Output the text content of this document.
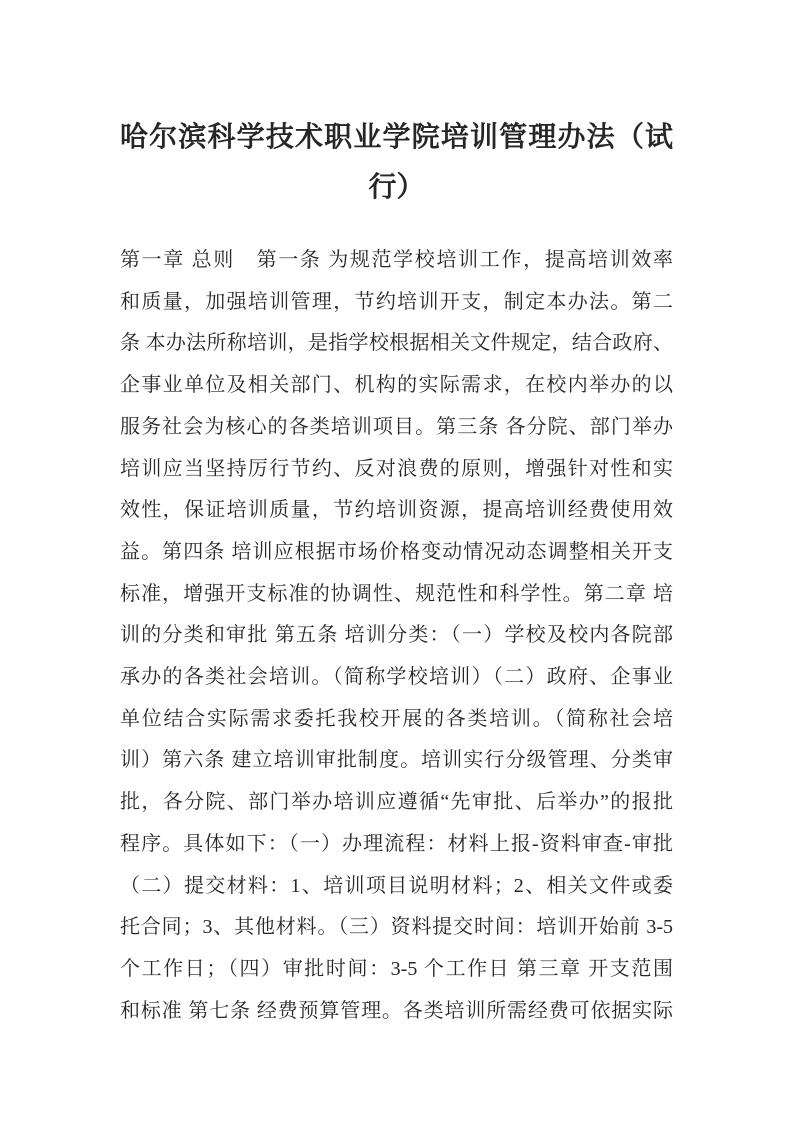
哈尔滨科学技术职业学院培训管理办法（试
行）
第一章 总则　第一条 为规范学校培训工作，提高培训效率
和质量，加强培训管理，节约培训开支，制定本办法。第二
条 本办法所称培训，是指学校根据相关文件规定，结合政府、
企事业单位及相关部门、机构的实际需求，在校内举办的以
服务社会为核心的各类培训项目。第三条 各分院、部门举办
培训应当坚持厉行节约、反对浪费的原则，增强针对性和实
效性，保证培训质量，节约培训资源，提高培训经费使用效
益。第四条 培训应根据市场价格变动情况动态调整相关开支
标准，增强开支标准的协调性、规范性和科学性。第二章 培
训的分类和审批 第五条 培训分类：（一）学校及校内各院部
承办的各类社会培训。（简称学校培训）（二）政府、企事业
单位结合实际需求委托我校开展的各类培训。（简称社会培
训）第六条 建立培训审批制度。培训实行分级管理、分类审
批，各分院、部门举办培训应遵循“先审批、后举办”的报批
程序。具体如下：（一）办理流程：材料上报-资料审查-审批
（二）提交材料：1、培训项目说明材料；2、相关文件或委
托合同；3、其他材料。（三）资料提交时间：培训开始前 3-5
个工作日；（四）审批时间：3-5 个工作日 第三章 开支范围
和标准 第七条 经费预算管理。各类培训所需经费可依据实际
